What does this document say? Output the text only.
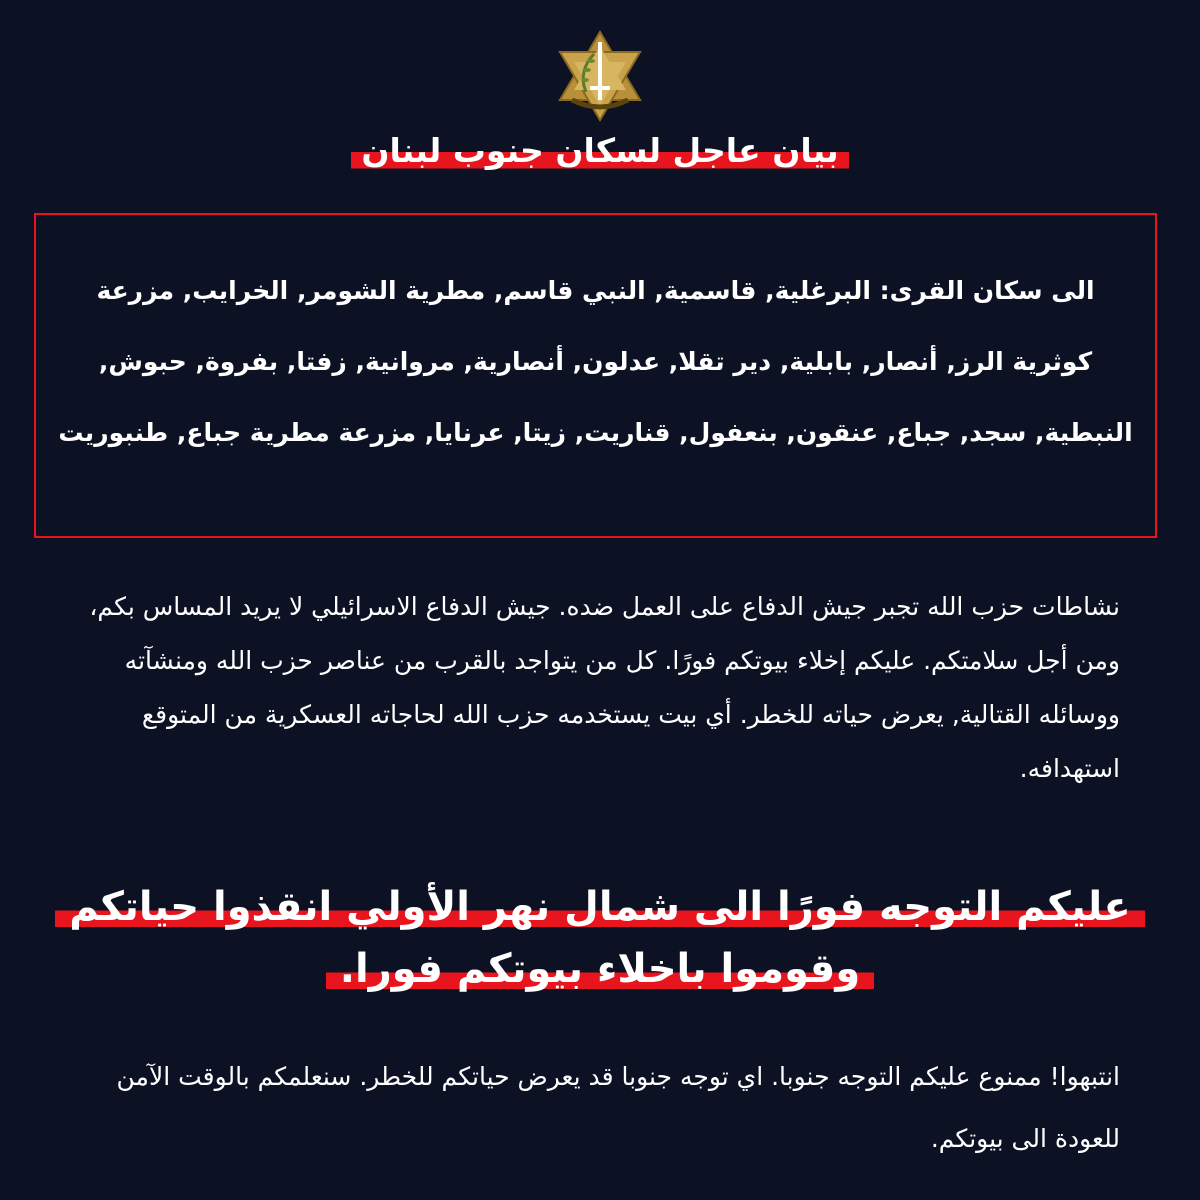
بيان عاجل لسكان جنوب لبنان

الى سكان القرى: البرغلية, قاسمية, النبي قاسم, مطرية الشومر, الخرايب, مزرعة كوثرية الرز, أنصار, بابلية, دير تقلا, عدلون, أنصارية, مروانية, زفتا, بفروة, حبوش, النبطية, سجد, جباع, عنقون, بنعفول, قناريت, زيتا, عرنايا, مزرعة مطرية جباع, طنبوريت

نشاطات حزب الله تجبر جيش الدفاع على العمل ضده. جيش الدفاع الاسرائيلي لا يريد المساس بكم، ومن أجل سلامتكم. عليكم إخلاء بيوتكم فورًا. كل من يتواجد بالقرب من عناصر حزب الله ومنشآته ووسائله القتالية, يعرض حياته للخطر. أي بيت يستخدمه حزب الله لحاجاته العسكرية من المتوقع استهدافه.

عليكم التوجه فورًا الى شمال نهر الأولي انقذوا حياتكم
وقوموا باخلاء بيوتكم فورا.

انتبهوا! ممنوع عليكم التوجه جنوبا. اي توجه جنوبا قد يعرض حياتكم للخطر. سنعلمكم بالوقت الآمن للعودة الى بيوتكم.
